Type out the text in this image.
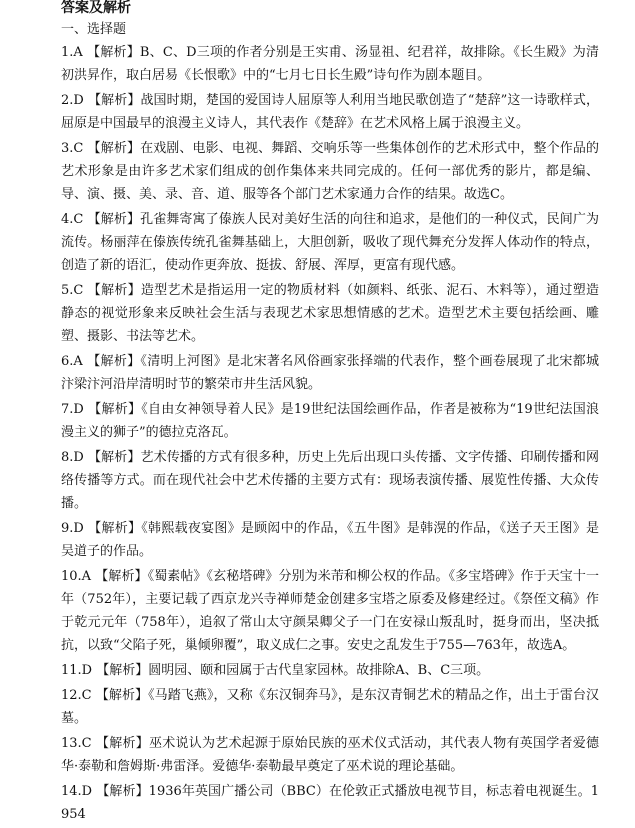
答案及解析
一、选择题

1.A 【解析】B、C、D三项的作者分别是王实甫、汤显祖、纪君祥，故排除。《长生殿》为清初洪昇作，取白居易《长恨歌》中的“七月七日长生殿”诗句作为剧本题目。

2.D 【解析】战国时期，楚国的爱国诗人屈原等人利用当地民歌创造了“楚辞”这一诗歌样式，屈原是中国最早的浪漫主义诗人，其代表作《楚辞》在艺术风格上属于浪漫主义。

3.C 【解析】在戏剧、电影、电视、舞蹈、交响乐等一些集体创作的艺术形式中，整个作品的艺术形象是由许多艺术家们组成的创作集体来共同完成的。任何一部优秀的影片，都是编、导、演、摄、美、录、音、道、服等各个部门艺术家通力合作的结果。故选C。

4.C 【解析】孔雀舞寄寓了傣族人民对美好生活的向往和追求，是他们的一种仪式，民间广为流传。杨丽萍在傣族传统孔雀舞基础上，大胆创新，吸收了现代舞充分发挥人体动作的特点，创造了新的语汇，使动作更奔放、挺拔、舒展、浑厚，更富有现代感。

5.C 【解析】造型艺术是指运用一定的物质材料（如颜料、纸张、泥石、木料等），通过塑造静态的视觉形象来反映社会生活与表现艺术家思想情感的艺术。造型艺术主要包括绘画、雕塑、摄影、书法等艺术。

6.A 【解析】《清明上河图》是北宋著名风俗画家张择端的代表作，整个画卷展现了北宋都城汴梁汴河沿岸清明时节的繁荣市井生活风貌。

7.D 【解析】《自由女神领导着人民》是19世纪法国绘画作品，作者是被称为“19世纪法国浪漫主义的狮子”的德拉克洛瓦。

8.D 【解析】艺术传播的方式有很多种，历史上先后出现口头传播、文字传播、印刷传播和网络传播等方式。而在现代社会中艺术传播的主要方式有：现场表演传播、展览性传播、大众传播。

9.D 【解析】《韩熙载夜宴图》是顾闳中的作品，《五牛图》是韩滉的作品，《送子天王图》是吴道子的作品。

10.A 【解析】《蜀素帖》《玄秘塔碑》分别为米芾和柳公权的作品。《多宝塔碑》作于天宝十一年（752年），主要记载了西京龙兴寺禅师楚金创建多宝塔之原委及修建经过。《祭侄文稿》作于乾元元年（758年），追叙了常山太守颜杲卿父子一门在安禄山叛乱时，挺身而出，坚决抵抗，以致“父陷子死，巢倾卵覆”，取义成仁之事。安史之乱发生于755—763年，故选A。

11.D 【解析】圆明园、颐和园属于古代皇家园林。故排除A、B、C三项。

12.C 【解析】《马踏飞燕》，又称《东汉铜奔马》，是东汉青铜艺术的精品之作，出土于雷台汉墓。

13.C 【解析】巫术说认为艺术起源于原始民族的巫术仪式活动，其代表人物有英国学者爱德华·泰勒和詹姆斯·弗雷泽。爱德华·泰勒最早奠定了巫术说的理论基础。

14.D 【解析】1936年英国广播公司（BBC）在伦敦正式播放电视节目，标志着电视诞生。1954
